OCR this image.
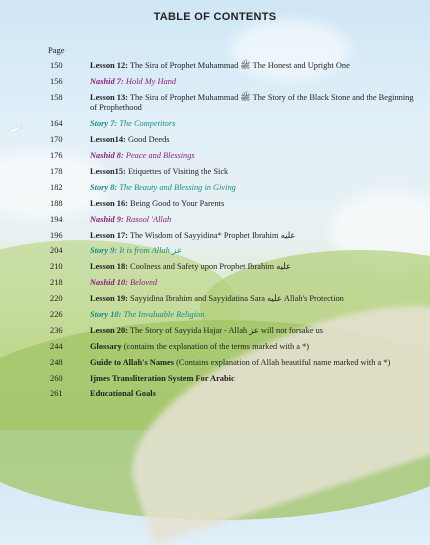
TABLE OF CONTENTS
Page
150	Lesson 12: The Sira of Prophet Muhammad ﷺ The Honest and Upright One
156	Nashid 7: Hold My Hand
158	Lesson 13: The Sira of Prophet Muhammad ﷺ The Story of the Black Stone and the Beginning of Prophethood
164	Story 7: The Competitors
170	Lesson14: Good Deeds
176	Nashid 8: Peace and Blessings
178	Lesson15: Etiquettes of Visiting the Sick
182	Story 8: The Beauty and Blessing in Giving
188	Lesson 16: Being Good to Your Parents
194	Nashid 9: Rasool 'Allah
196	Lesson 17: The Wisdom of Sayyidina* Prophet Ibrahim عليه
204	Story 9: It is from Allah عز
210	Lesson 18: Coolness and Safety upon Prophet Ibrahim عليه
218	Nashid 10: Beloved
220	Lesson 19: Sayyidina Ibrahim and Sayyidatina Sara عليه Allah's Protection
226	Story 10: The Invaluable Religion
236	Lesson 20: The Story of Sayyida Hajar - Allah عز will not forsake us
244	Glossary (contains the explanation of the terms marked with a *)
248	Guide to Allah's Names (Contains explanation of Allah beautiful name marked with a *)
260	Ijmes Transliteration System For Arabic
261	Educational Goals
